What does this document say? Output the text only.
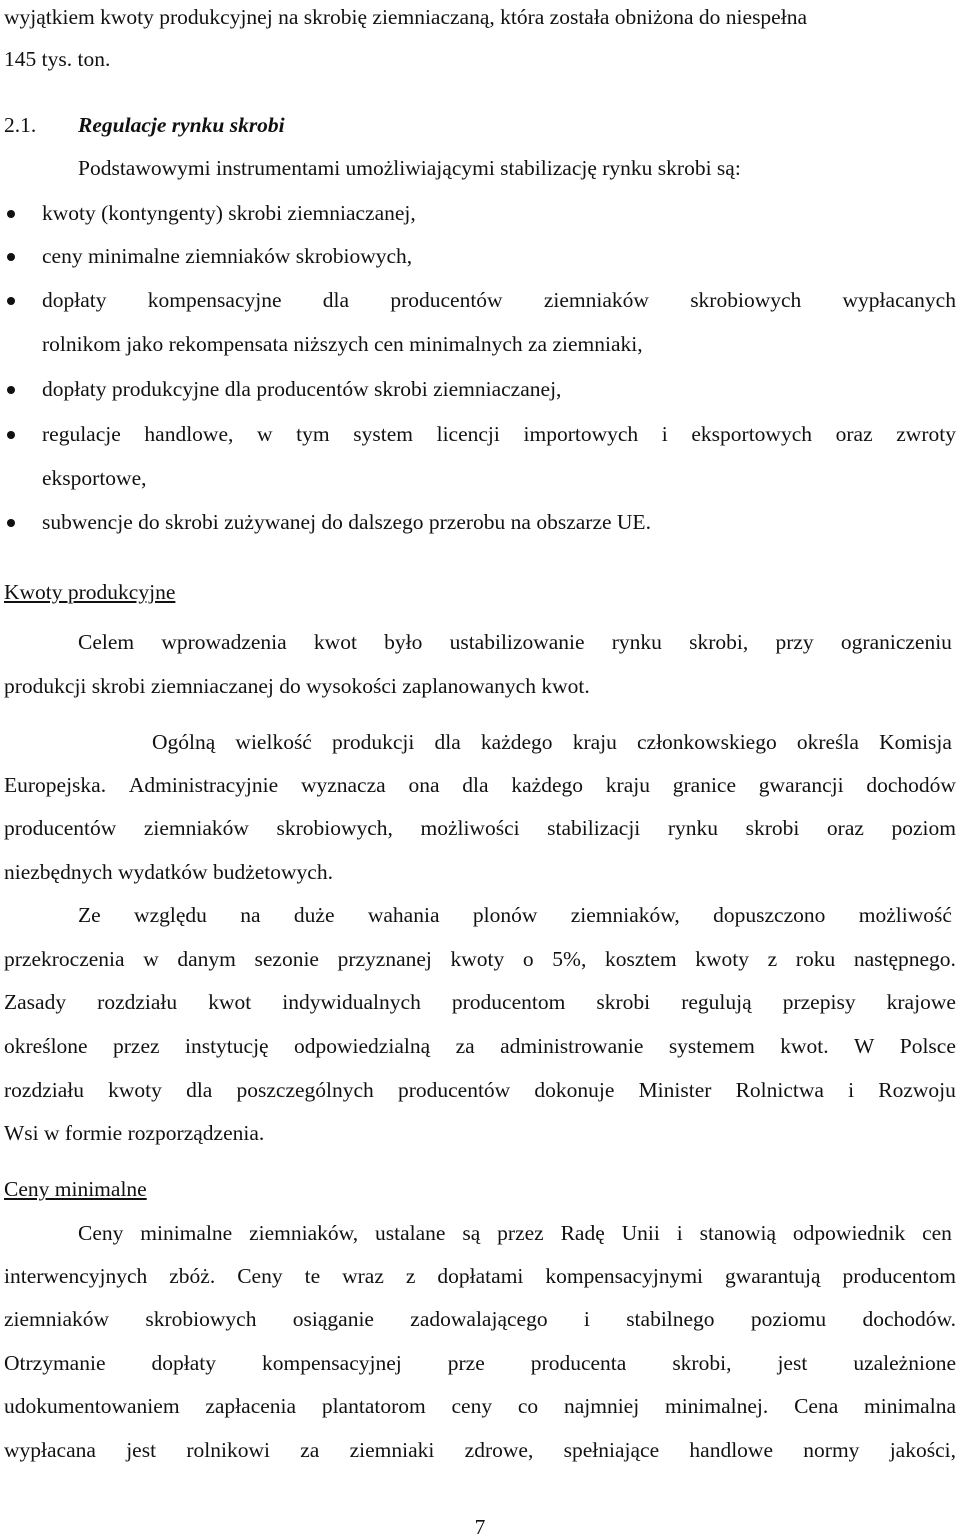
wyjątkiem kwoty produkcyjnej na skrobię ziemniaczaną, która została obniżona do niespełna
145 tys. ton.
2.1. Regulacje rynku skrobi
Podstawowymi instrumentami umożliwiającymi stabilizację rynku skrobi są:
kwoty (kontyngenty) skrobi ziemniaczanej,
ceny minimalne ziemniaków skrobiowych,
dopłaty kompensacyjne dla producentów ziemniaków skrobiowych wypłacanych
rolnikom jako rekompensata niższych cen minimalnych za ziemniaki,
dopłaty produkcyjne dla producentów skrobi ziemniaczanej,
regulacje handlowe, w tym system licencji importowych i eksportowych oraz zwroty
eksportowe,
subwencje do skrobi zużywanej do dalszego przerobu na obszarze UE.
Kwoty produkcyjne
Celem wprowadzenia kwot było ustabilizowanie rynku skrobi, przy ograniczeniu
produkcji skrobi ziemniaczanej do wysokości zaplanowanych kwot.
Ogólną wielkość produkcji dla każdego kraju członkowskiego określa Komisja
Europejska. Administracyjnie wyznacza ona dla każdego kraju granice gwarancji dochodów
producentów ziemniaków skrobiowych, możliwości stabilizacji rynku skrobi oraz poziom
niezbędnych wydatków budżetowych.
Ze względu na duże wahania plonów ziemniaków, dopuszczono możliwość
przekroczenia w danym sezonie przyznanej kwoty o 5%, kosztem kwoty z roku następnego.
Zasady rozdziału kwot indywidualnych producentom skrobi regulują przepisy krajowe
określone przez instytucję odpowiedzialną za administrowanie systemem kwot. W Polsce
rozdziału kwoty dla poszczególnych producentów dokonuje Minister Rolnictwa i Rozwoju
Wsi w formie rozporządzenia.
Ceny minimalne
Ceny minimalne ziemniaków, ustalane są przez Radę Unii i stanowią odpowiednik cen
interwencyjnych zbóż. Ceny te wraz z dopłatami kompensacyjnymi gwarantują producentom
ziemniaków skrobiowych osiąganie zadowalającego i stabilnego poziomu dochodów.
Otrzymanie dopłaty kompensacyjnej prze producenta skrobi, jest uzależnione
udokumentowaniem zapłacenia plantatorom ceny co najmniej minimalnej. Cena minimalna
wypłacana jest rolnikowi za ziemniaki zdrowe, spełniające handlowe normy jakości,
7
